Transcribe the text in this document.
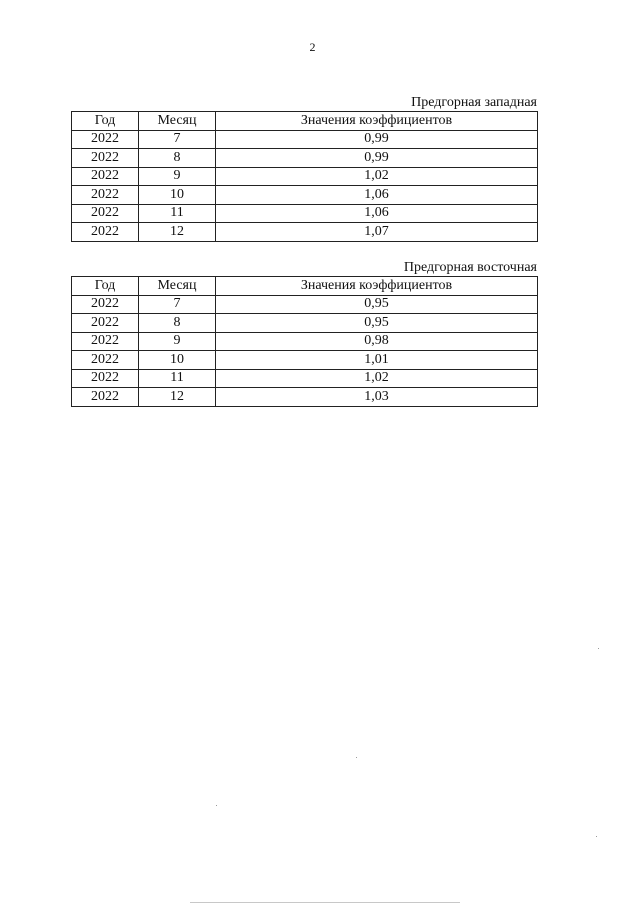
2
Предгорная западная
Год	Месяц	Значения коэффициентов
2022	7	0,99
2022	8	0,99
2022	9	1,02
2022	10	1,06
2022	11	1,06
2022	12	1,07
Предгорная восточная
Год	Месяц	Значения коэффициентов
2022	7	0,95
2022	8	0,95
2022	9	0,98
2022	10	1,01
2022	11	1,02
2022	12	1,03
